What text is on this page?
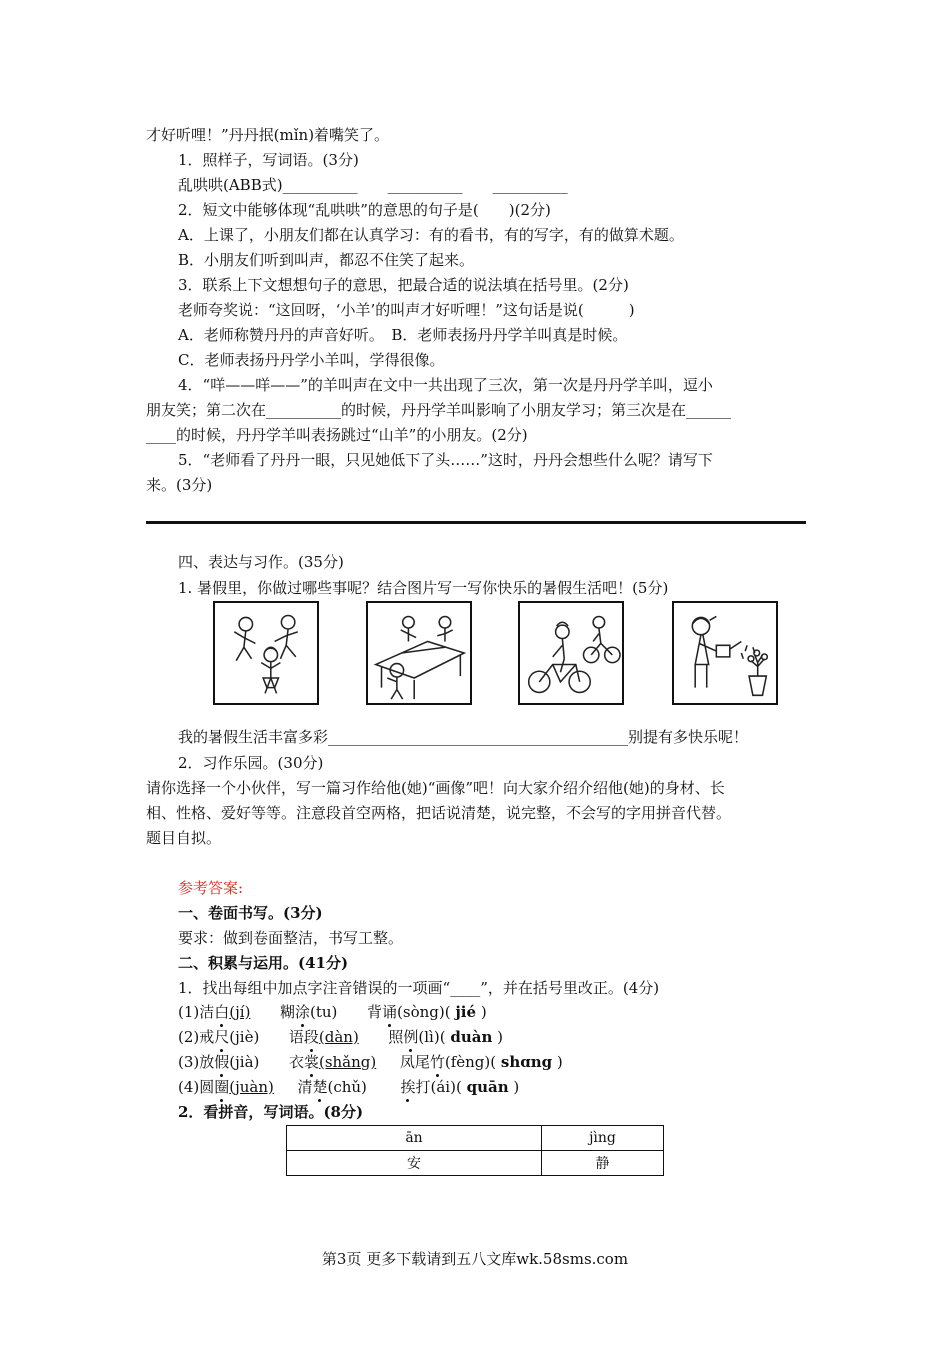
才好听哩！”丹丹抿(mǐn)着嘴笑了。
1．照样子，写词语。(3分)
乱哄哄(ABB式)__________　　__________　　__________
2．短文中能够体现“乱哄哄”的意思的句子是(　　)(2分)
A．上课了，小朋友们都在认真学习：有的看书，有的写字，有的做算术题。
B．小朋友们听到叫声，都忍不住笑了起来。
3．联系上下文想想句子的意思，把最合适的说法填在括号里。(2分)
老师夸奖说：“这回呀，‘小羊’的叫声才好听哩！”这句话是说(　　　)
A．老师称赞丹丹的声音好听。　B．老师表扬丹丹学羊叫真是时候。
C．老师表扬丹丹学小羊叫，学得很像。
4．“咩——咩——”的羊叫声在文中一共出现了三次，第一次是丹丹学羊叫，逗小
朋友笑；第二次在__________的时候，丹丹学羊叫影响了小朋友学习；第三次是在______
____的时候，丹丹学羊叫表扬跳过“山羊”的小朋友。(2分)
5．“老师看了丹丹一眼，只见她低下了头……”这时，丹丹会想些什么呢？请写下
来。(3分)
四、表达与习作。(35分)
1. 暑假里，你做过哪些事呢？结合图片写一写你快乐的暑假生活吧！(5分)
我的暑假生活丰富多彩________________________________________别提有多快乐呢！
2．习作乐园。(30分)
请你选择一个小伙伴，写一篇习作给他(她)“画像”吧！向大家介绍介绍他(她)的身材、长
相、性格、爱好等等。注意段首空两格，把话说清楚，说完整，不会写的字用拼音代替。
题目自拟。
参考答案:
一、卷面书写。(3分)
要求：做到卷面整洁，书写工整。
二、积累与运用。(41分)
1．找出每组中加点字注音错误的一项画“____”，并在括号里改正。(4分)
(1)洁白(jí) 糊涂(tu) 背诵(sòng)( jié )
(2)戒尺(jiè) 语段(dàn) 照例(lì)( duàn )
(3)放假(jià) 衣裳(shǎng) 凤尾竹(fèng)( shɑng )
(4)圆圈(juàn) 清楚(chǔ) 挨打(ái)( quān )
2．看拼音，写词语。(8分)
ān	jìng
安	静
第3页 更多下载请到五八文库wk.58sms.com
